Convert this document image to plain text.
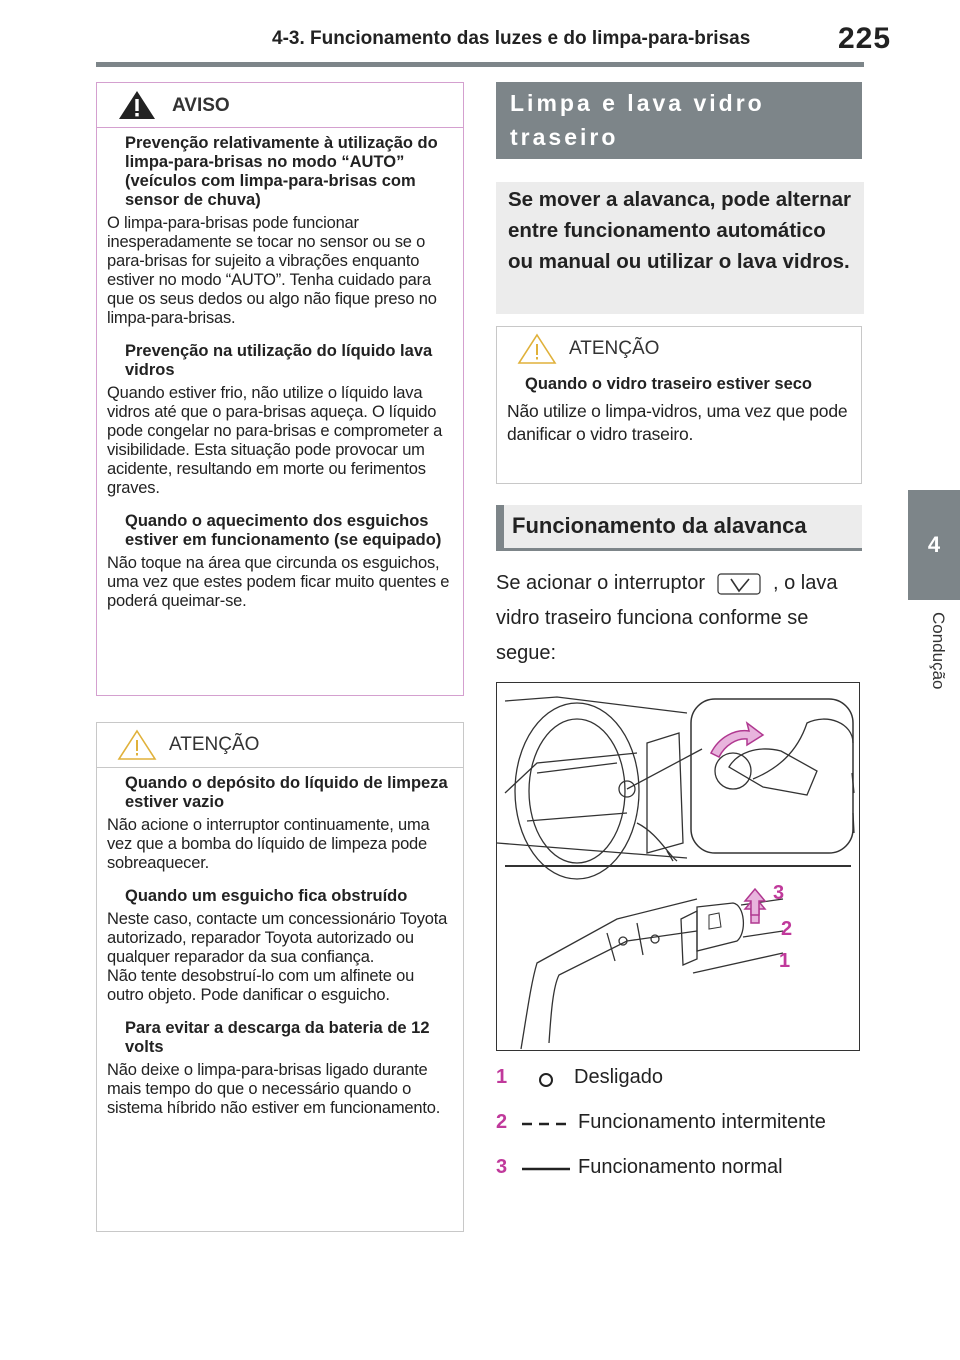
4-3. Funcionamento das luzes e do limpa-para-brisas	225
4
Condução
AVISO
Prevenção relativamente à utilização do limpa-para-brisas no modo “AUTO” (veículos com limpa-para-brisas com sensor de chuva)
O limpa-para-brisas pode funcionar inesperadamente se tocar no sensor ou se o para-brisas for sujeito a vibrações enquanto estiver no modo “AUTO”. Tenha cuidado para que os seus dedos ou algo não fique preso no limpa-para-brisas.
Prevenção na utilização do líquido lava vidros
Quando estiver frio, não utilize o líquido lava vidros até que o para-brisas aqueça. O líquido pode congelar no para-brisas e comprometer a visibilidade. Esta situação pode provocar um acidente, resultando em morte ou ferimentos graves.
Quando o aquecimento dos esguichos estiver em funcionamento (se equipado)
Não toque na área que circunda os esguichos, uma vez que estes podem ficar muito quentes e poderá queimar-se.
ATENÇÃO
Quando o depósito do líquido de limpeza estiver vazio
Não acione o interruptor continuamente, uma vez que a bomba do líquido de limpeza pode sobreaquecer.
Quando um esguicho fica obstruído
Neste caso, contacte um concessionário Toyota autorizado, reparador Toyota autorizado ou qualquer reparador da sua confiança.
Não tente desobstruí-lo com um alfinete ou outro objeto. Pode danificar o esguicho.
Para evitar a descarga da bateria de 12 volts
Não deixe o limpa-para-brisas ligado durante mais tempo do que o necessário quando o sistema híbrido não estiver em funcionamento.
Limpa e lava vidro traseiro
Se mover a alavanca, pode alternar entre funcionamento automático ou manual ou utilizar o lava vidros.
ATENÇÃO
Quando o vidro traseiro estiver seco
Não utilize o limpa-vidros, uma vez que pode danificar o vidro traseiro.
Funcionamento da alavanca
Se acionar o interruptor	, o lava vidro traseiro funciona conforme se segue:
3
2
1
1	Desligado
2	Funcionamento intermitente
3	Funcionamento normal
